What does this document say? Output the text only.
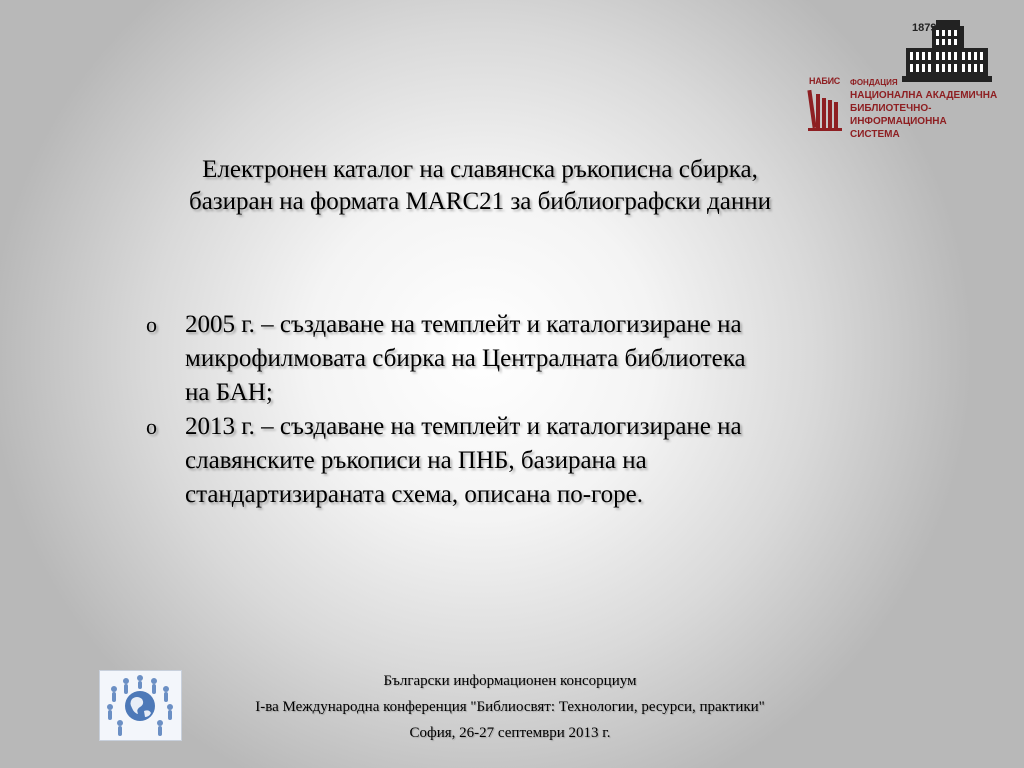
1879
НАБИС ФОНДАЦИЯ
НАЦИОНАЛНА АКАДЕМИЧНА
БИБЛИОТЕЧНО-ИНФОРМАЦИОННА
СИСТЕМА
Електронен каталог на славянска ръкописна сбирка,
базиран на формата MARC21 за библиографски данни
o 2005 г. – създаване на темплейт и каталогизиране на
микрофилмовата сбирка на Централната библиотека
на БАН;
o 2013 г. – създаване на темплейт и каталогизиране на
славянските ръкописи на ПНБ, базирана на
стандартизираната схема, описана по-горе.
Български информационен консорциум
I-ва Международна конференция "Библиосвят: Технологии, ресурси, практики"
София, 26-27 септември 2013 г.
